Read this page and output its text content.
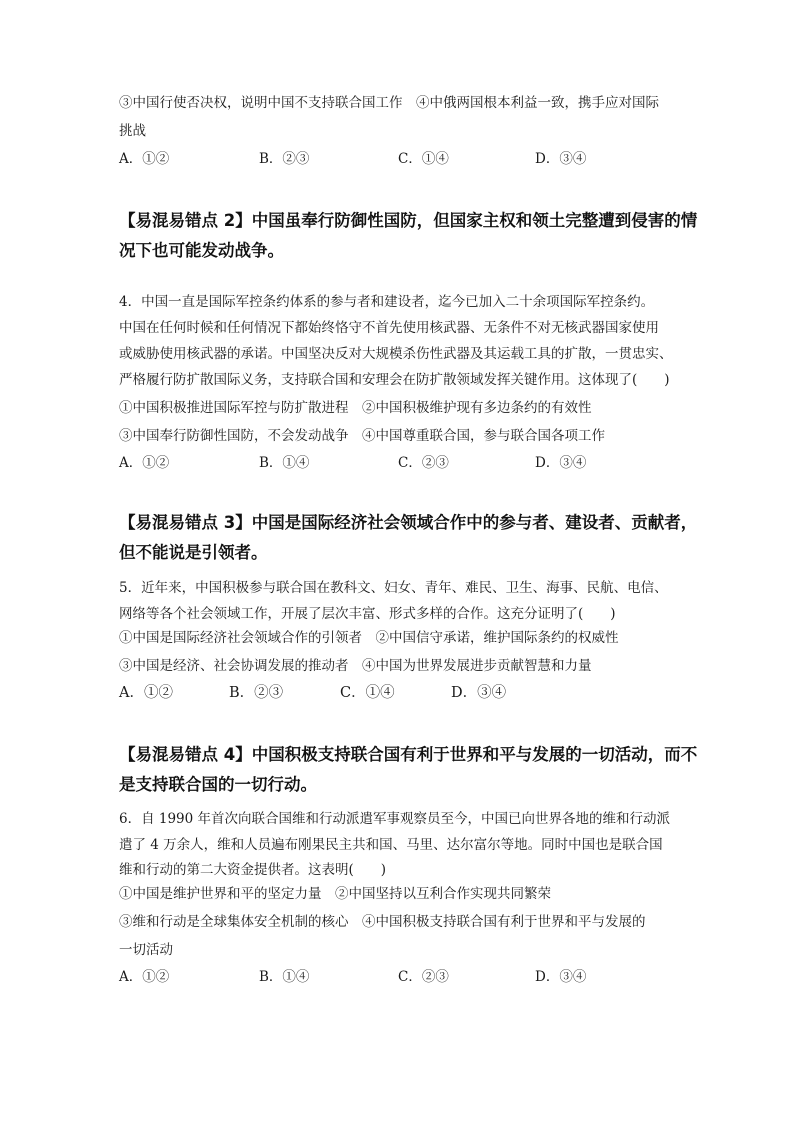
③中国行使否决权，说明中国不支持联合国工作　④中俄两国根本利益一致，携手应对国际
挑战
A．①②	B．②③	C．①④	D．③④
【易混易错点 2】中国虽奉行防御性国防，但国家主权和领土完整遭到侵害的情
况下也可能发动战争。
4．中国一直是国际军控条约体系的参与者和建设者，迄今已加入二十余项国际军控条约。
中国在任何时候和任何情况下都始终恪守不首先使用核武器、无条件不对无核武器国家使用
或威胁使用核武器的承诺。中国坚决反对大规模杀伤性武器及其运载工具的扩散，一贯忠实、
严格履行防扩散国际义务，支持联合国和安理会在防扩散领域发挥关键作用。这体现了(　　)
①中国积极推进国际军控与防扩散进程　②中国积极维护现有多边条约的有效性
③中国奉行防御性国防，不会发动战争　④中国尊重联合国，参与联合国各项工作
A．①②	B．①④	C．②③	D．③④
【易混易错点 3】中国是国际经济社会领域合作中的参与者、建设者、贡献者，
但不能说是引领者。
5．近年来，中国积极参与联合国在教科文、妇女、青年、难民、卫生、海事、民航、电信、
网络等各个社会领域工作，开展了层次丰富、形式多样的合作。这充分证明了(　　)
①中国是国际经济社会领域合作的引领者　②中国信守承诺，维护国际条约的权威性
③中国是经济、社会协调发展的推动者　④中国为世界发展进步贡献智慧和力量
A．①②	B．②③	C．①④	D．③④
【易混易错点 4】中国积极支持联合国有利于世界和平与发展的一切活动，而不
是支持联合国的一切行动。
6．自 1990 年首次向联合国维和行动派遣军事观察员至今，中国已向世界各地的维和行动派
遣了 4 万余人，维和人员遍布刚果民主共和国、马里、达尔富尔等地。同时中国也是联合国
维和行动的第二大资金提供者。这表明(　　)
①中国是维护世界和平的坚定力量　②中国坚持以互利合作实现共同繁荣
③维和行动是全球集体安全机制的核心　④中国积极支持联合国有利于世界和平与发展的
一切活动
A．①②	B．①④	C．②③	D．③④
